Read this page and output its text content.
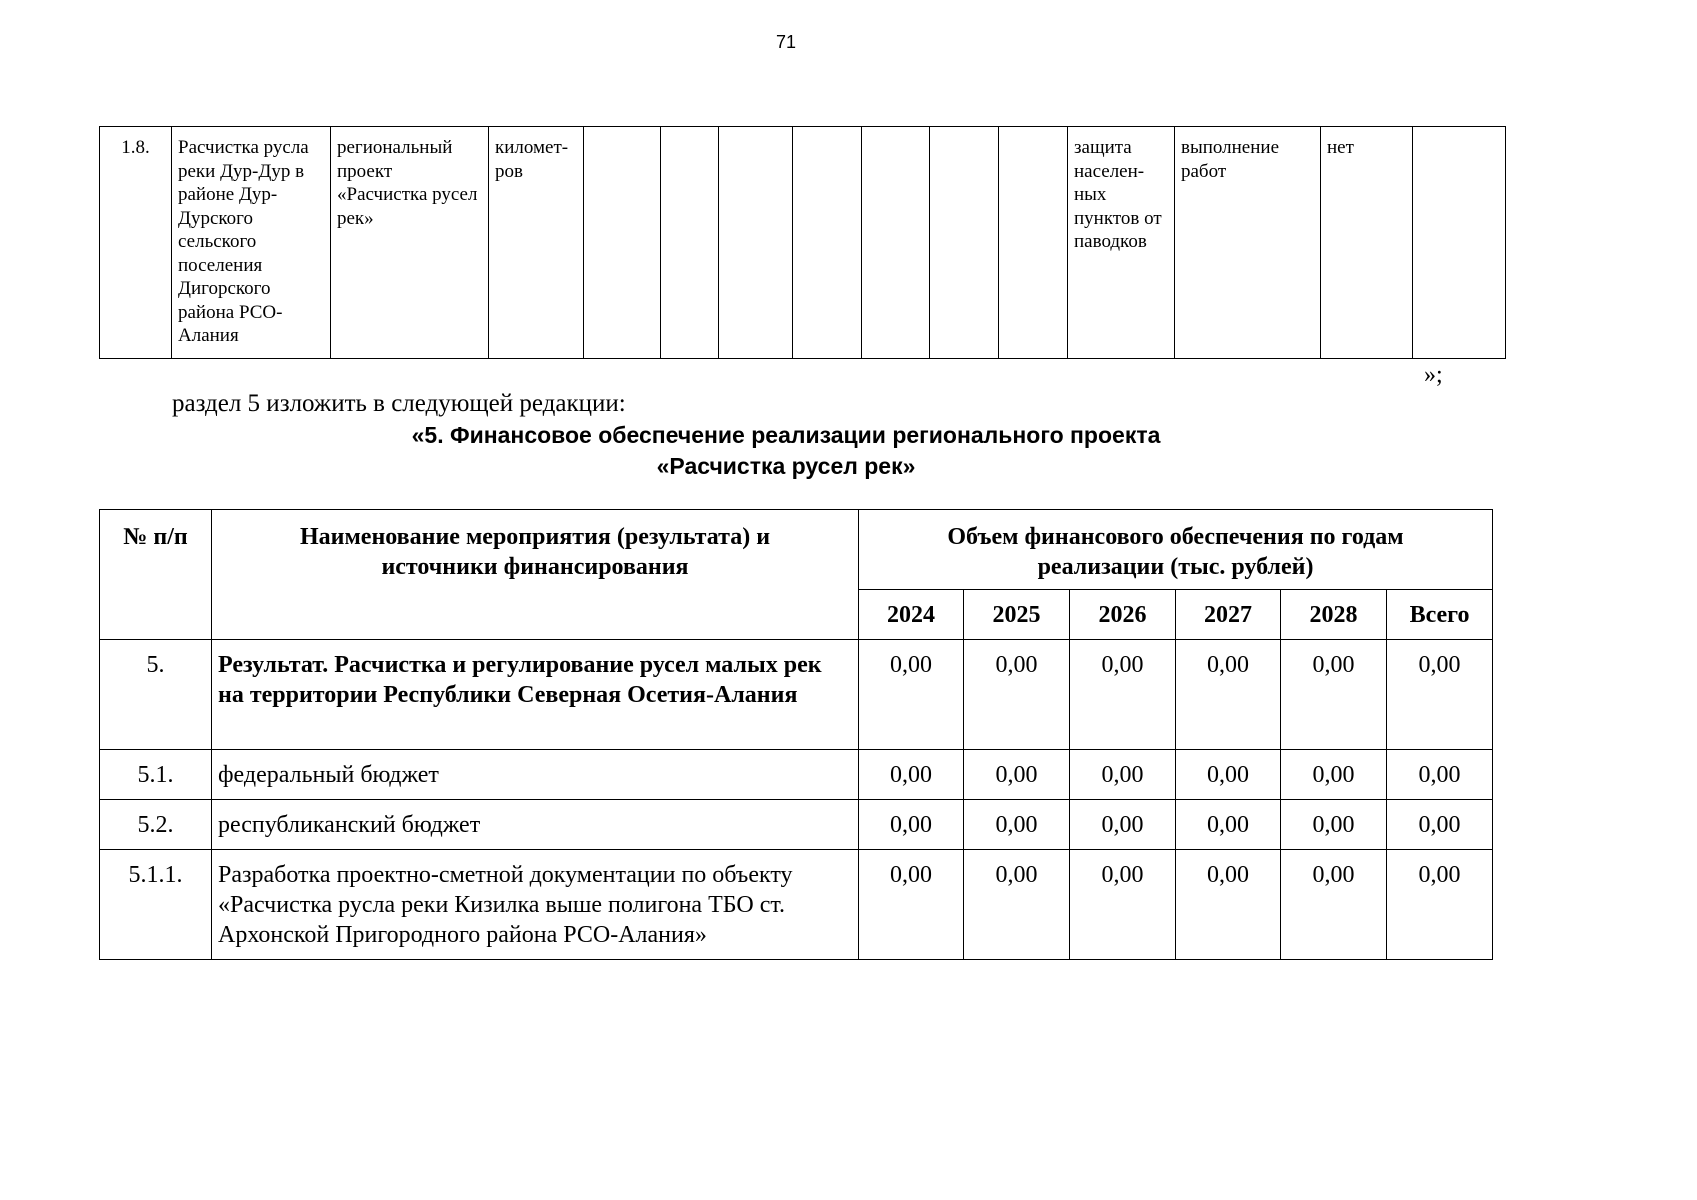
71
1.8.	Расчистка русла реки Дур-Дур в районе Дур-Дурского сельского поселения Дигорского района РСО-Алания	региональный проект «Расчистка русел рек»	километ-ров								защита населен-ных пунктов от паводков	выполнение работ	нет	
»;
раздел 5 изложить в следующей редакции:
«5. Финансовое обеспечение реализации регионального проекта
«Расчистка русел рек»
№ п/п	Наименование мероприятия (результата) и источники финансирования	Объем финансового обеспечения по годам реализации (тыс. рублей)					
		2024	2025	2026	2027	2028	Всего
5.	Результат. Расчистка и регулирование русел малых рек на территории Республики Северная Осетия-Алания	0,00	0,00	0,00	0,00	0,00	0,00
5.1.	федеральный бюджет	0,00	0,00	0,00	0,00	0,00	0,00
5.2.	республиканский бюджет	0,00	0,00	0,00	0,00	0,00	0,00
5.1.1.	Разработка проектно-сметной документации по объекту «Расчистка русла реки Кизилка выше полигона ТБО ст. Архонской Пригородного района РСО-Алания»	0,00	0,00	0,00	0,00	0,00	0,00
